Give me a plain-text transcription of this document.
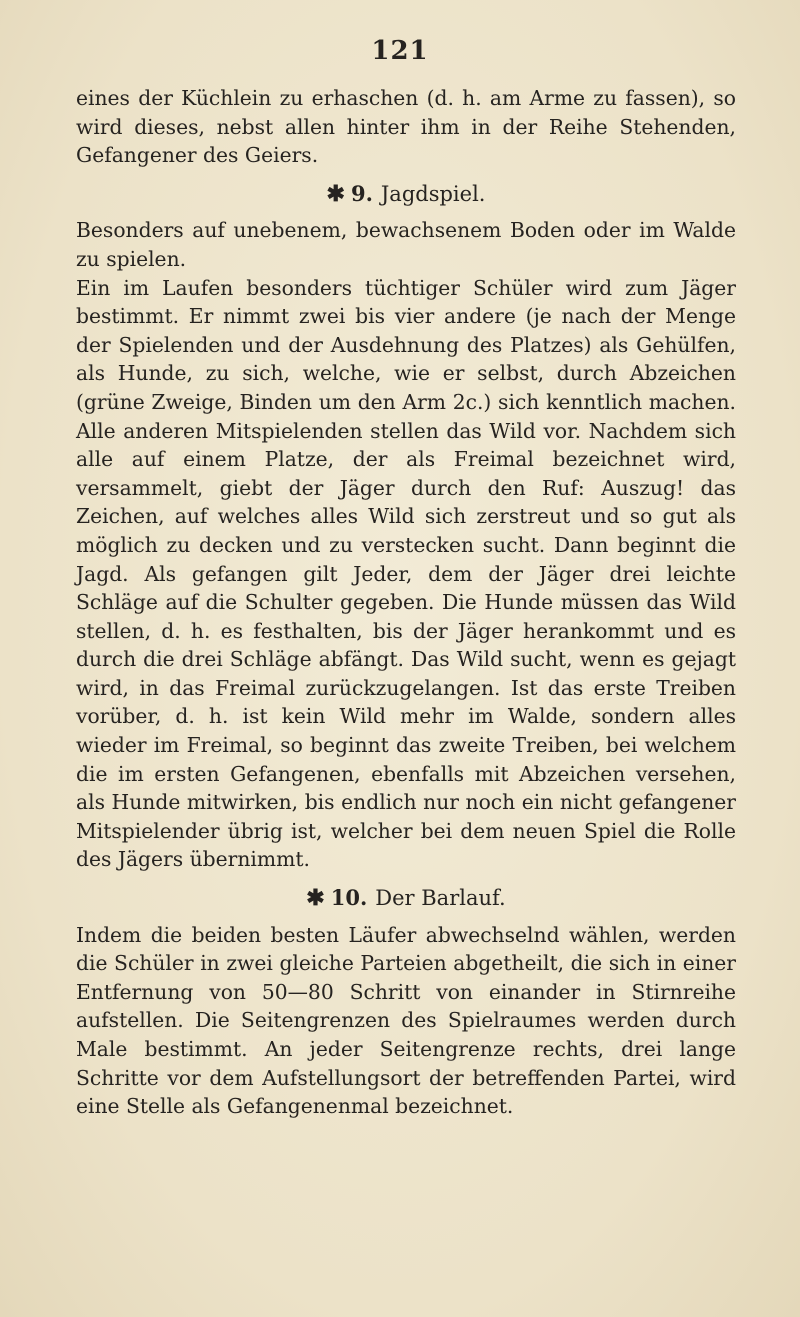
121

eines der Küchlein zu erhaschen (d. h. am Arme zu fassen), so wird dieses, nebst allen hinter ihm in der Reihe Stehenden, Gefangener des Geiers.

✱ 9. Jagdspiel.

Besonders auf unebenem, bewachsenem Boden oder im Walde zu spielen.

Ein im Laufen besonders tüchtiger Schüler wird zum Jäger bestimmt. Er nimmt zwei bis vier andere (je nach der Menge der Spielenden und der Ausdehnung des Platzes) als Gehülfen, als Hunde, zu sich, welche, wie er selbst, durch Abzeichen (grüne Zweige, Binden um den Arm 2c.) sich kenntlich machen. Alle anderen Mitspielenden stellen das Wild vor. Nachdem sich alle auf einem Platze, der als Freimal bezeichnet wird, versammelt, giebt der Jäger durch den Ruf: Auszug! das Zeichen, auf welches alles Wild sich zerstreut und so gut als möglich zu decken und zu verstecken sucht. Dann beginnt die Jagd. Als gefangen gilt Jeder, dem der Jäger drei leichte Schläge auf die Schulter gegeben. Die Hunde müssen das Wild stellen, d. h. es festhalten, bis der Jäger herankommt und es durch die drei Schläge abfängt. Das Wild sucht, wenn es gejagt wird, in das Freimal zurückzugelangen. Ist das erste Treiben vorüber, d. h. ist kein Wild mehr im Walde, sondern alles wieder im Freimal, so beginnt das zweite Treiben, bei welchem die im ersten Gefangenen, ebenfalls mit Abzeichen versehen, als Hunde mitwirken, bis endlich nur noch ein nicht gefangener Mitspielender übrig ist, welcher bei dem neuen Spiel die Rolle des Jägers übernimmt.

✱ 10. Der Barlauf.

Indem die beiden besten Läufer abwechselnd wählen, werden die Schüler in zwei gleiche Parteien abgetheilt, die sich in einer Entfernung von 50—80 Schritt von einander in Stirnreihe aufstellen. Die Seitengrenzen des Spielraumes werden durch Male bestimmt. An jeder Seitengrenze rechts, drei lange Schritte vor dem Aufstellungsort der betreffenden Partei, wird eine Stelle als Gefangenenmal bezeichnet.
